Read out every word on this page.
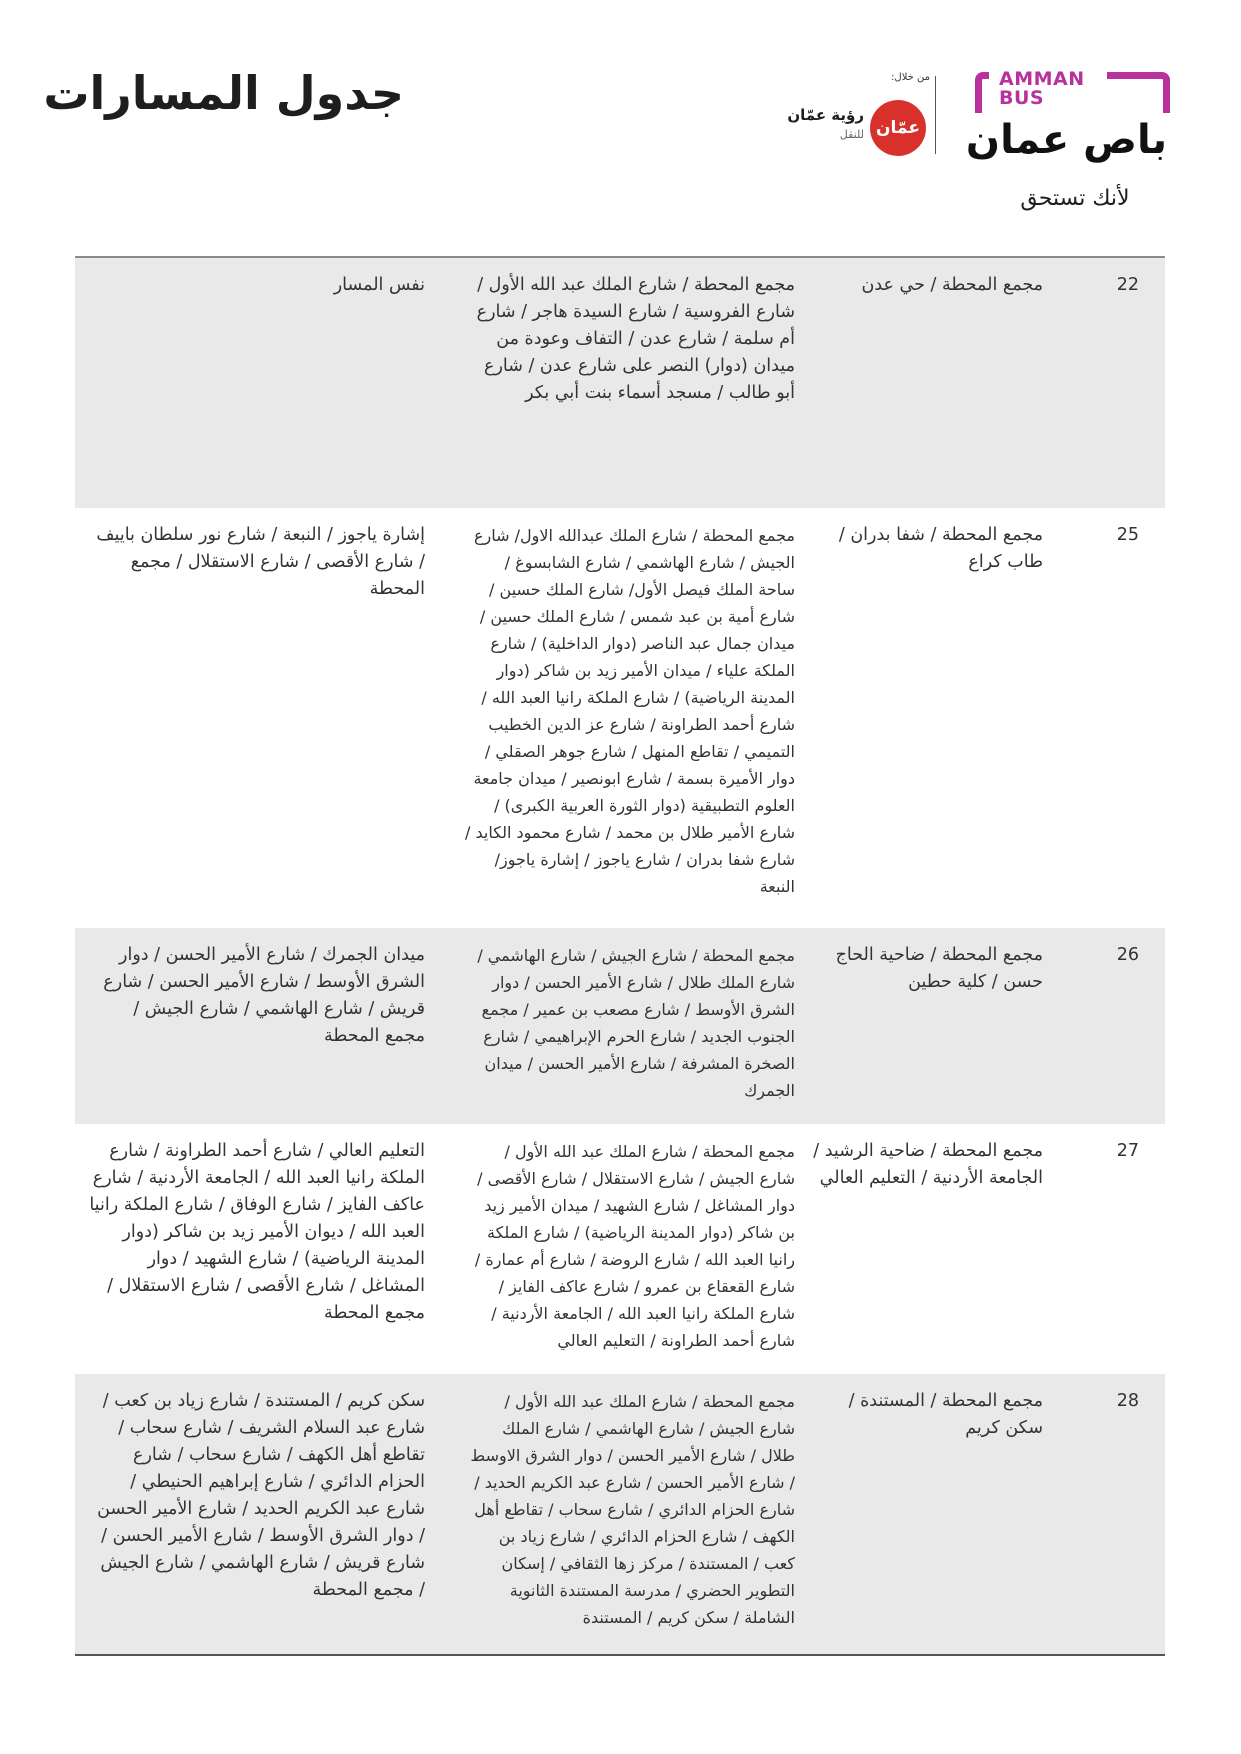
جدول المسارات	AMMAN BUS
باص عمان
لأنك تستحق
من خلال:
عمّان
رؤية عمّان
للنقل
22
مجمع المحطة / حي عدن
مجمع المحطة / شارع الملك عبد الله الأول / شارع الفروسية / شارع السيدة هاجر / شارع أم سلمة / شارع عدن / التفاف وعودة من ميدان (دوار) النصر على شارع عدن / شارع أبو طالب / مسجد أسماء بنت أبي بكر
نفس المسار
25
مجمع المحطة / شفا بدران / طاب كراع
مجمع المحطة / شارع الملك عبدالله الاول/ شارع الجيش / شارع الهاشمي / شارع الشابسوغ / ساحة الملك فيصل الأول/ شارع الملك حسين / شارع أمية بن عبد شمس / شارع الملك حسين / ميدان جمال عبد الناصر (دوار الداخلية) / شارع الملكة علياء / ميدان الأمير زيد بن شاكر (دوار المدينة الرياضية) / شارع الملكة رانيا العبد الله / شارع أحمد الطراونة / شارع عز الدين الخطيب التميمي / تقاطع المنهل / شارع جوهر الصقلي / دوار الأميرة بسمة / شارع ابونصير / ميدان جامعة العلوم التطبيقية (دوار الثورة العربية الكبرى) / شارع الأمير طلال بن محمد / شارع محمود الكايد / شارع شفا بدران / شارع ياجوز / إشارة ياجوز/ النبعة
إشارة ياجوز / النبعة / شارع نور سلطان باييف / شارع الأقصى / شارع الاستقلال / مجمع المحطة
26
مجمع المحطة / ضاحية الحاج حسن / كلية حطين
مجمع المحطة / شارع الجيش / شارع الهاشمي / شارع الملك طلال / شارع الأمير الحسن / دوار الشرق الأوسط / شارع مصعب بن عمير / مجمع الجنوب الجديد / شارع الحرم الإبراهيمي / شارع الصخرة المشرفة / شارع الأمير الحسن / ميدان الجمرك
ميدان الجمرك / شارع الأمير الحسن / دوار الشرق الأوسط / شارع الأمير الحسن / شارع قريش / شارع الهاشمي / شارع الجيش / مجمع المحطة
27
مجمع المحطة / ضاحية الرشيد / الجامعة الأردنية / التعليم العالي
مجمع المحطة / شارع الملك عبد الله الأول / شارع الجيش / شارع الاستقلال / شارع الأقصى / دوار المشاغل / شارع الشهيد / ميدان الأمير زيد بن شاكر (دوار المدينة الرياضية) / شارع الملكة رانيا العبد الله / شارع الروضة / شارع أم عمارة / شارع القعقاع بن عمرو / شارع عاكف الفايز / شارع الملكة رانيا العبد الله / الجامعة الأردنية / شارع أحمد الطراونة / التعليم العالي
التعليم العالي / شارع أحمد الطراونة / شارع الملكة رانيا العبد الله / الجامعة الأردنية / شارع عاكف الفايز / شارع الوفاق / شارع الملكة رانيا العبد الله / ديوان الأمير زيد بن شاكر (دوار المدينة الرياضية) / شارع الشهيد / دوار المشاغل / شارع الأقصى / شارع الاستقلال / مجمع المحطة
28
مجمع المحطة / المستندة / سكن كريم
مجمع المحطة / شارع الملك عبد الله الأول / شارع الجيش / شارع الهاشمي / شارع الملك طلال / شارع الأمير الحسن / دوار الشرق الاوسط / شارع الأمير الحسن / شارع عبد الكريم الحديد / شارع الحزام الدائري / شارع سحاب / تقاطع أهل الكهف / شارع الحزام الدائري / شارع زياد بن كعب / المستندة / مركز زها الثقافي / إسكان التطوير الحضري / مدرسة المستندة الثانوية الشاملة / سكن كريم / المستندة
سكن كريم / المستندة / شارع زياد بن كعب / شارع عبد السلام الشريف / شارع سحاب / تقاطع أهل الكهف / شارع سحاب / شارع الحزام الدائري / شارع إبراهيم الحنيطي / شارع عبد الكريم الحديد / شارع الأمير الحسن / دوار الشرق الأوسط / شارع الأمير الحسن / شارع قريش / شارع الهاشمي / شارع الجيش / مجمع المحطة
